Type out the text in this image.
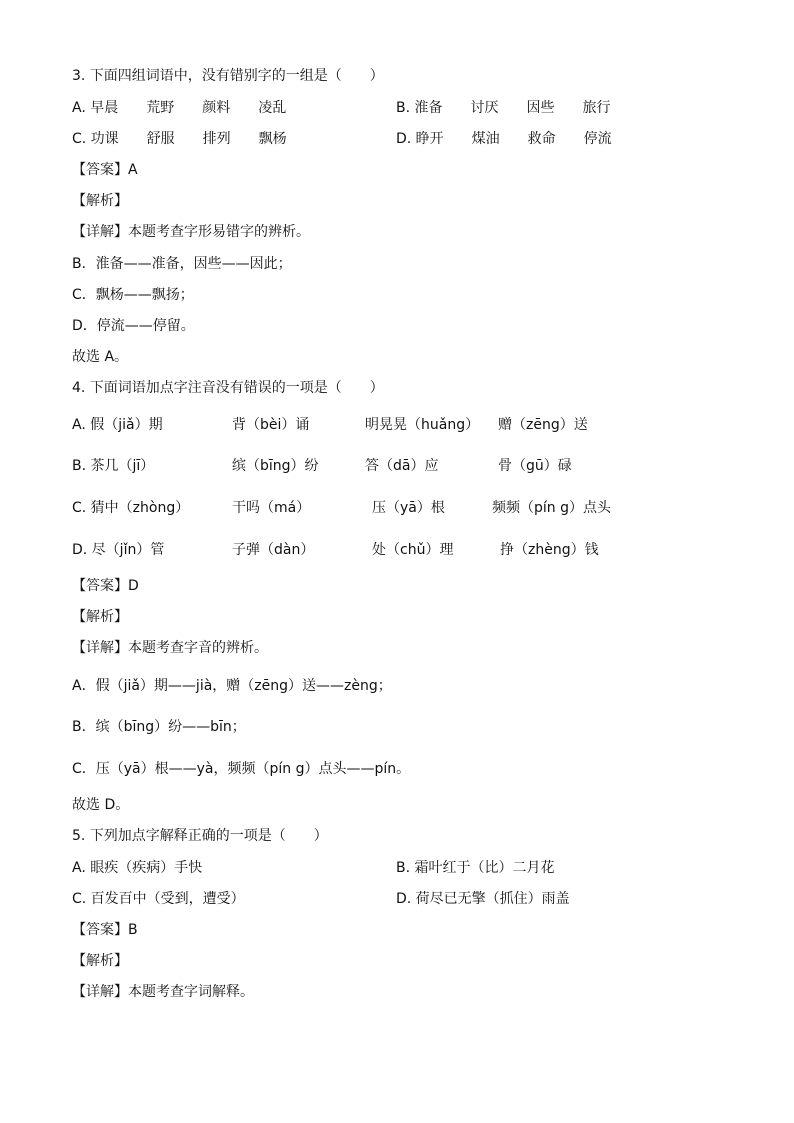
3. 下面四组词语中，没有错别字的一组是（　　）
A. 早晨　　荒野　　颜料　　凌乱	B. 淮备　　讨厌　　因些　　旅行
C. 功课　　舒服　　排列　　飘杨	D. 睁开　　煤油　　救命　　停流
【答案】A
【解析】
【详解】本题考查字形易错字的辨析。
B．淮备——准备，因些——因此；
C．飘杨——飘扬；
D．停流——停留。
故选 A。
4. 下面词语加点字注音没有错误的一项是（　　）
A. 假（jiǎ）期	背（bèi）诵	明晃晃（huǎng） 赠（zēng）送
B. 茶几（jī）	缤（bīng）纷	答（dā）应	骨（gū）碌
C. 猜中（zhòng）	干吗（má）	压（yā）根	频频（pín g）点头
D. 尽（jǐn）管	子弹（dàn）	处（chǔ）理	挣（zhèng）钱
【答案】D
【解析】
【详解】本题考查字音的辨析。
A．假（jiǎ）期——jià，赠（zēng）送——zèng；
B．缤（bīng）纷——bīn；
C．压（yā）根——yà，频频（pín g）点头——pín。
故选 D。
5. 下列加点字解释正确的一项是（　　）
A. 眼疾（疾病）手快	B. 霜叶红于（比）二月花
C. 百发百中（受到，遭受）	D. 荷尽已无擎（抓住）雨盖
【答案】B
【解析】
【详解】本题考查字词解释。
